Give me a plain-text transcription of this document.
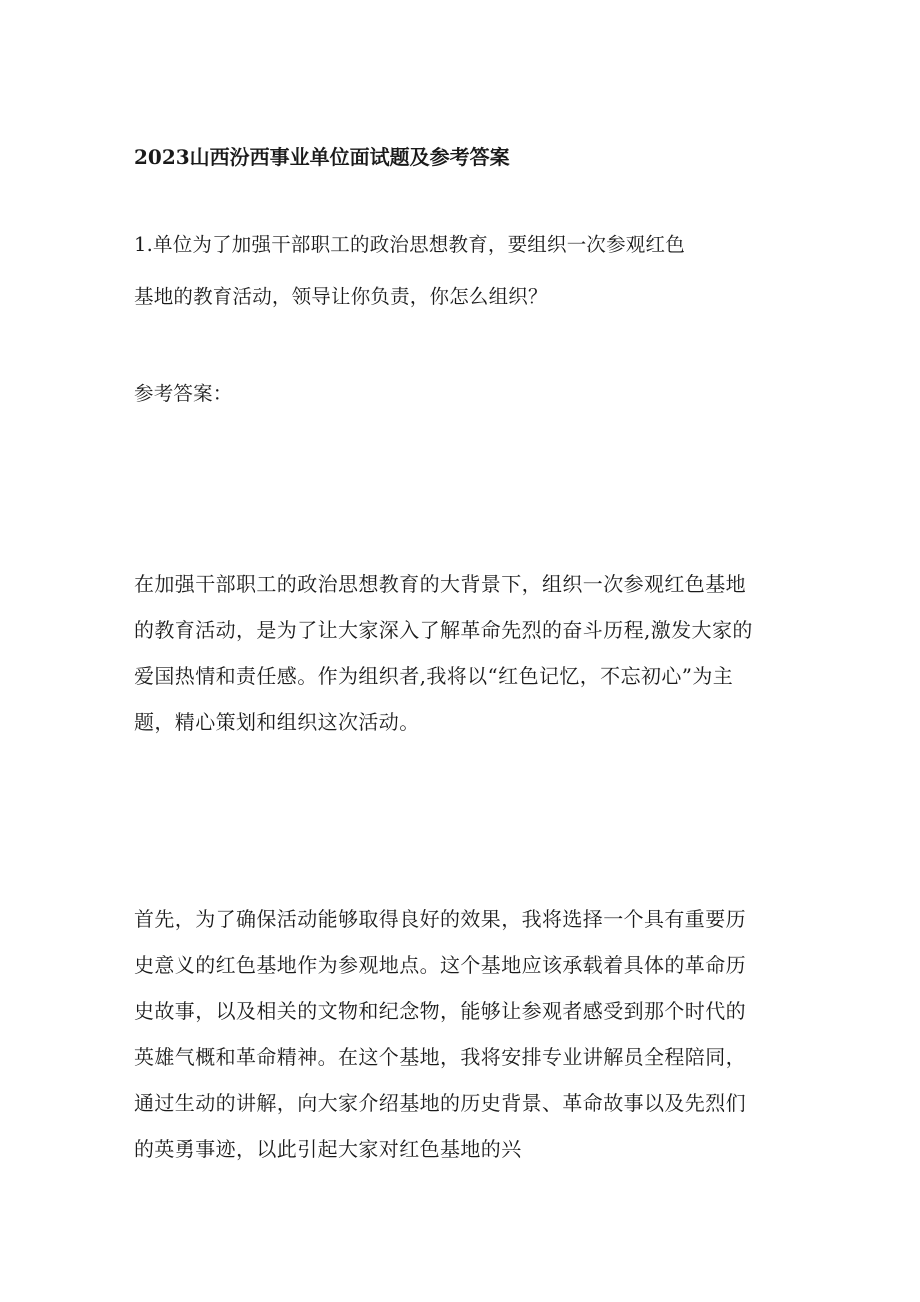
2023山西汾西事业单位面试题及参考答案
1.单位为了加强干部职工的政治思想教育，要组织一次参观红色
基地的教育活动，领导让你负责，你怎么组织？
参考答案：
在加强干部职工的政治思想教育的大背景下，组织一次参观红色基地
的教育活动，是为了让大家深入了解革命先烈的奋斗历程,激发大家的
爱国热情和责任感。作为组织者,我将以“红色记忆，不忘初心”为主
题，精心策划和组织这次活动。
首先，为了确保活动能够取得良好的效果，我将选择一个具有重要历
史意义的红色基地作为参观地点。这个基地应该承载着具体的革命历
史故事，以及相关的文物和纪念物，能够让参观者感受到那个时代的
英雄气概和革命精神。在这个基地，我将安排专业讲解员全程陪同，
通过生动的讲解，向大家介绍基地的历史背景、革命故事以及先烈们
的英勇事迹，以此引起大家对红色基地的兴
